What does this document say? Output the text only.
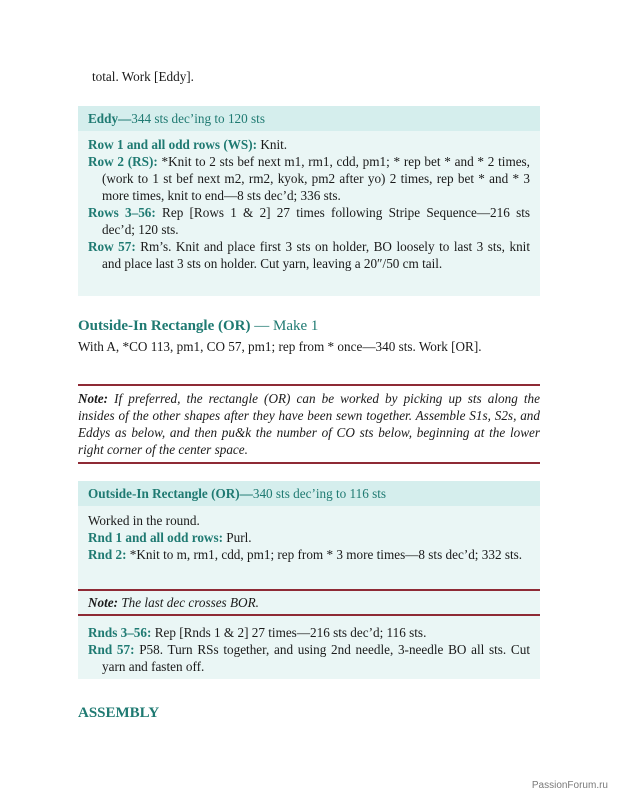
total. Work [Eddy].

Eddy—344 sts dec’ing to 120 sts

Row 1 and all odd rows (WS): Knit.

Row 2 (RS): *Knit to 2 sts bef next m1, rm1, cdd, pm1; * rep bet * and * 2 times, (work to 1 st bef next m2, rm2, kyok, pm2 after yo) 2 times, rep bet * and * 3 more times, knit to end—8 sts dec’d; 336 sts.

Rows 3–56: Rep [Rows 1 & 2] 27 times following Stripe Sequence—216 sts dec’d; 120 sts.

Row 57: Rm’s. Knit and place first 3 sts on holder, BO loosely to last 3 sts, knit and place last 3 sts on holder. Cut yarn, leaving a 20″/50 cm tail.

Outside-In Rectangle (OR) — Make 1

With A, *CO 113, pm1, CO 57, pm1; rep from * once—340 sts. Work [OR].

Note: If preferred, the rectangle (OR) can be worked by picking up sts along the insides of the other shapes after they have been sewn together. Assemble S1s, S2s, and Eddys as below, and then pu&k the number of CO sts below, beginning at the lower right corner of the center space.

Outside-In Rectangle (OR)—340 sts dec’ing to 116 sts

Worked in the round.

Rnd 1 and all odd rows: Purl.

Rnd 2: *Knit to m, rm1, cdd, pm1; rep from * 3 more times—8 sts dec’d; 332 sts.

Note: The last dec crosses BOR.

Rnds 3–56: Rep [Rnds 1 & 2] 27 times—216 sts dec’d; 116 sts.

Rnd 57: P58. Turn RSs together, and using 2nd needle, 3-needle BO all sts. Cut yarn and fasten off.

ASSEMBLY
PassionForum.ru
